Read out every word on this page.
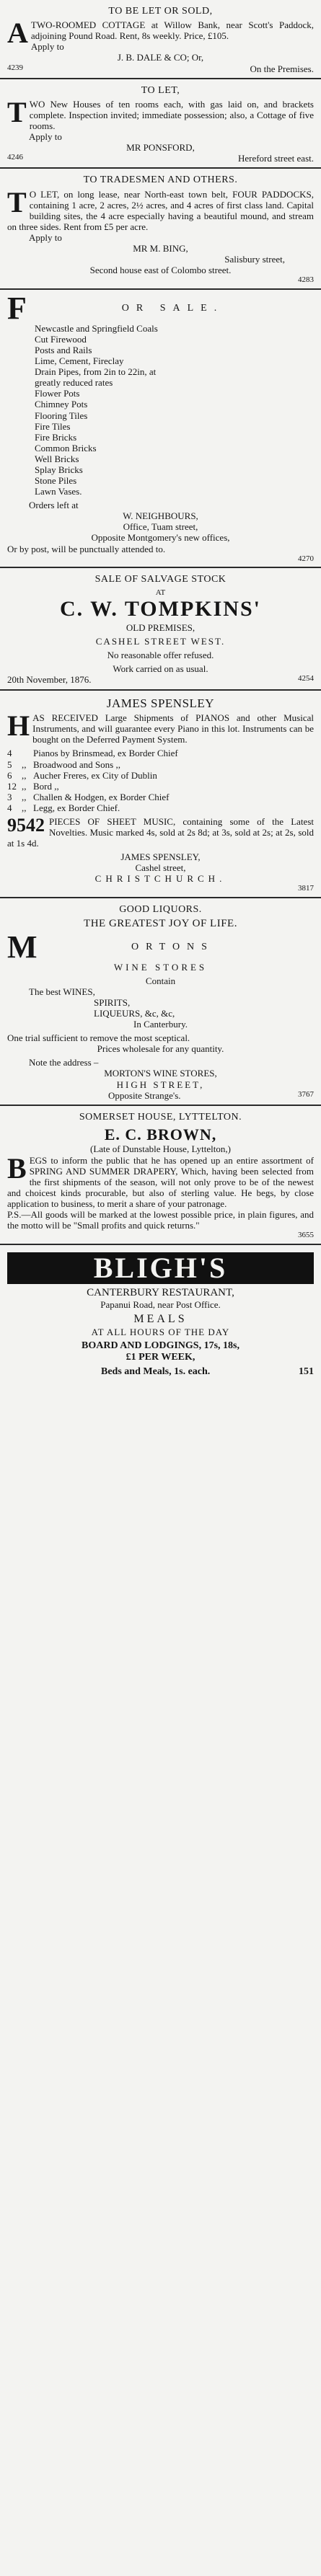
TO BE LET OR SOLD,
A TWO-ROOMED COTTAGE at Willow Bank, near Scott's Paddock, adjoining Pound Road. Rent, 8s weekly. Price, £105.
Apply to
J. B. DALE & CO; Or,
4239	On the Premises.
TO LET,
T WO New Houses of ten rooms each, with gas laid on, and brackets complete. Inspection invited; immediate possession; also, a Cottage of five rooms.
Apply to
MR PONSFORD,
4246	Hereford street east.
TO TRADESMEN AND OTHERS.
T O LET, on long lease, near North-east town belt, FOUR PADDOCKS, containing 1 acre, 2 acres, 2½ acres, and 4 acres of first class land. Capital building sites, the 4 acre especially having a beautiful mound, and stream on three sides. Rent from £5 per acre.
Apply to
MR M. BING,
Salisbury street,
Second house east of Colombo street.
4283
F	OR SALE.
Newcastle and Springfield Coals
Cut Firewood
Posts and Rails
Lime, Cement, Fireclay
Drain Pipes, from 2in to 22in, at
greatly reduced rates
Flower Pots
Chimney Pots
Flooring Tiles
Fire Tiles
Fire Bricks
Common Bricks
Well Bricks
Splay Bricks
Stone Piles
Lawn Vases.
Orders left at
W. NEIGHBOURS,
Office, Tuam street,
Opposite Montgomery's new offices,
Or by post, will be punctually attended to.
4270
SALE OF SALVAGE STOCK
AT
C. W. TOMPKINS'
OLD PREMISES,
CASHEL STREET WEST.
No reasonable offer refused.
Work carried on as usual.
20th November, 1876.	4254
JAMES SPENSLEY
H AS RECEIVED Large Shipments of PIANOS and other Musical Instruments, and will guarantee every Piano in this lot. Instruments can be bought on the Deferred Payment System.
4	Pianos by Brinsmead, ex Border Chief
5	,, Broadwood and Sons ,,
6	,, Aucher Freres, ex City of Dublin
12 ,, Bord ,,
3	,, Challen & Hodgen, ex Border Chief
4	,, Legg, ex Border Chief.
9542 PIECES OF SHEET MUSIC, containing some of the Latest Novelties. Music marked 4s, sold at 2s 8d; at 3s, sold at 2s; at 2s, sold at 1s 4d.
JAMES SPENSLEY,
Cashel street,
CHRISTCHURCH.
3817
GOOD LIQUORS.
THE GREATEST JOY OF LIFE.
M	ORTONS
WINE STORES
Contain
The best WINES,
SPIRITS,
LIQUEURS, &c, &c,
In Canterbury.
One trial sufficient to remove the most sceptical.
Prices wholesale for any quantity.
Note the address –
MORTON'S WINE STORES,
HIGH STREET,
Opposite Strange's.	3767
SOMERSET HOUSE, LYTTELTON.
E. C. BROWN,
(Late of Dunstable House, Lyttelton,)
B EGS to inform the public that he has opened up an entire assortment of SPRING AND SUMMER DRAPERY, Which, having been selected from the first shipments of the season, will not only prove to be of the newest and choicest kinds procurable, but also of sterling value. He begs, by close application to business, to merit a share of your patronage.
P.S.—All goods will be marked at the lowest possible price, in plain figures, and the motto will be "Small profits and quick returns."
3655
BLIGH'S
CANTERBURY RESTAURANT,
Papanui Road, near Post Office.
MEALS
AT ALL HOURS OF THE DAY
BOARD AND LODGINGS, 17s, 18s,
£1 PER WEEK,
Beds and Meals, 1s. each.	151
